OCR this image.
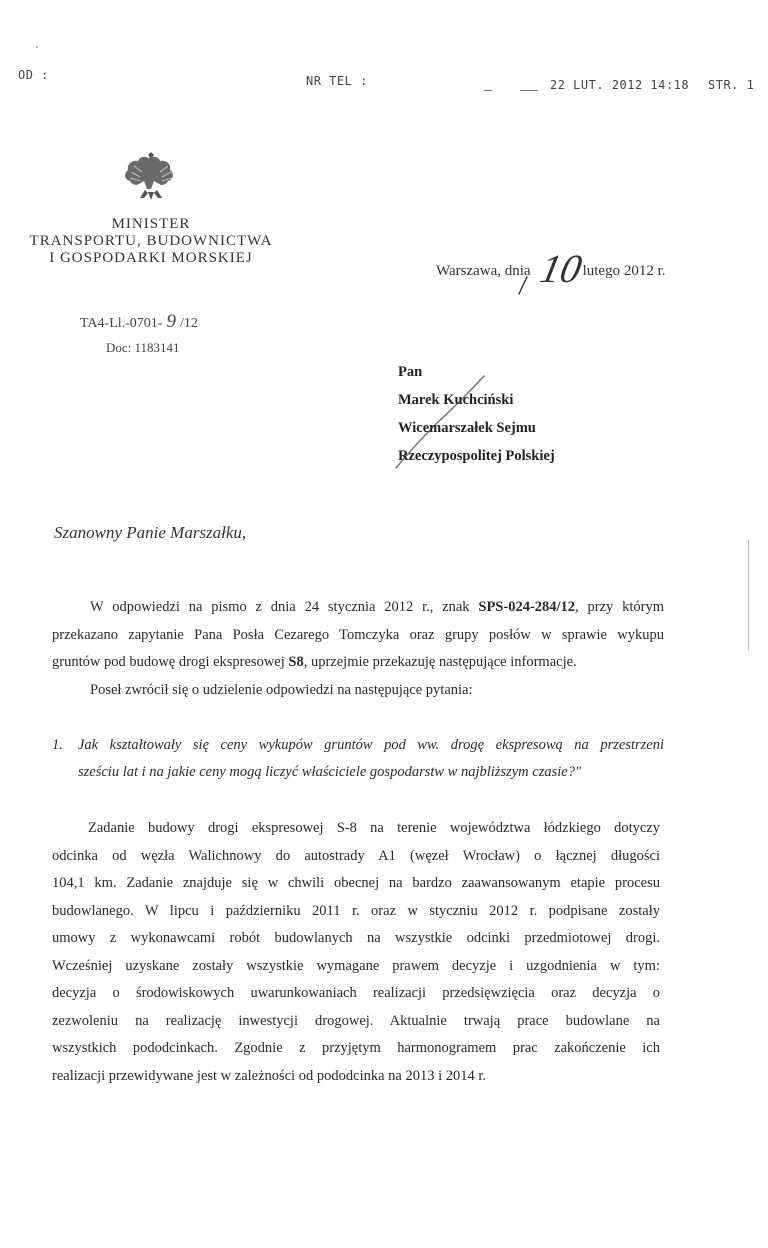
OD :	NR TEL :	22 LUT. 2012 14:18 STR. 1
MINISTER
TRANSPORTU, BUDOWNICTWA
I GOSPODARKI MORSKIEJ
TA4-Ll.-0701- 9 /12
Doc: 1183141
Warszawa, dnia 10lutego 2012 r.
Pan
Marek Kuchciński
Wicemarszałek Sejmu
Rzeczypospolitej Polskiej
Szanowny Panie Marszałku,
W odpowiedzi na pismo z dnia 24 stycznia 2012 r., znak SPS-024-284/12, przy którym
przekazano zapytanie Pana Posła Cezarego Tomczyka oraz grupy posłów w sprawie wykupu
gruntów pod budowę drogi ekspresowej S8, uprzejmie przekazuję następujące informacje.
Poseł zwrócił się o udzielenie odpowiedzi na następujące pytania:
1. Jak kształtowały się ceny wykupów gruntów pod ww. drogę ekspresową na przestrzeni
sześciu lat i na jakie ceny mogą liczyć właściciele gospodarstw w najbliższym czasie?"
Zadanie budowy drogi ekspresowej S-8 na terenie województwa łódzkiego dotyczy
odcinka od węzła Walichnowy do autostrady A1 (węzeł Wrocław) o łącznej długości
104,1 km. Zadanie znajduje się w chwili obecnej na bardzo zaawansowanym etapie procesu
budowlanego. W lipcu i październiku 2011 r. oraz w styczniu 2012 r. podpisane zostały
umowy z wykonawcami robót budowlanych na wszystkie odcinki przedmiotowej drogi.
Wcześniej uzyskane zostały wszystkie wymagane prawem decyzje i uzgodnienia w tym:
decyzja o środowiskowych uwarunkowaniach realizacji przedsięwzięcia oraz decyzja o
zezwoleniu na realizację inwestycji drogowej. Aktualnie trwają prace budowlane na
wszystkich pododcinkach. Zgodnie z przyjętym harmonogramem prac zakończenie ich
realizacji przewidywane jest w zależności od pododcinka na 2013 i 2014 r.
